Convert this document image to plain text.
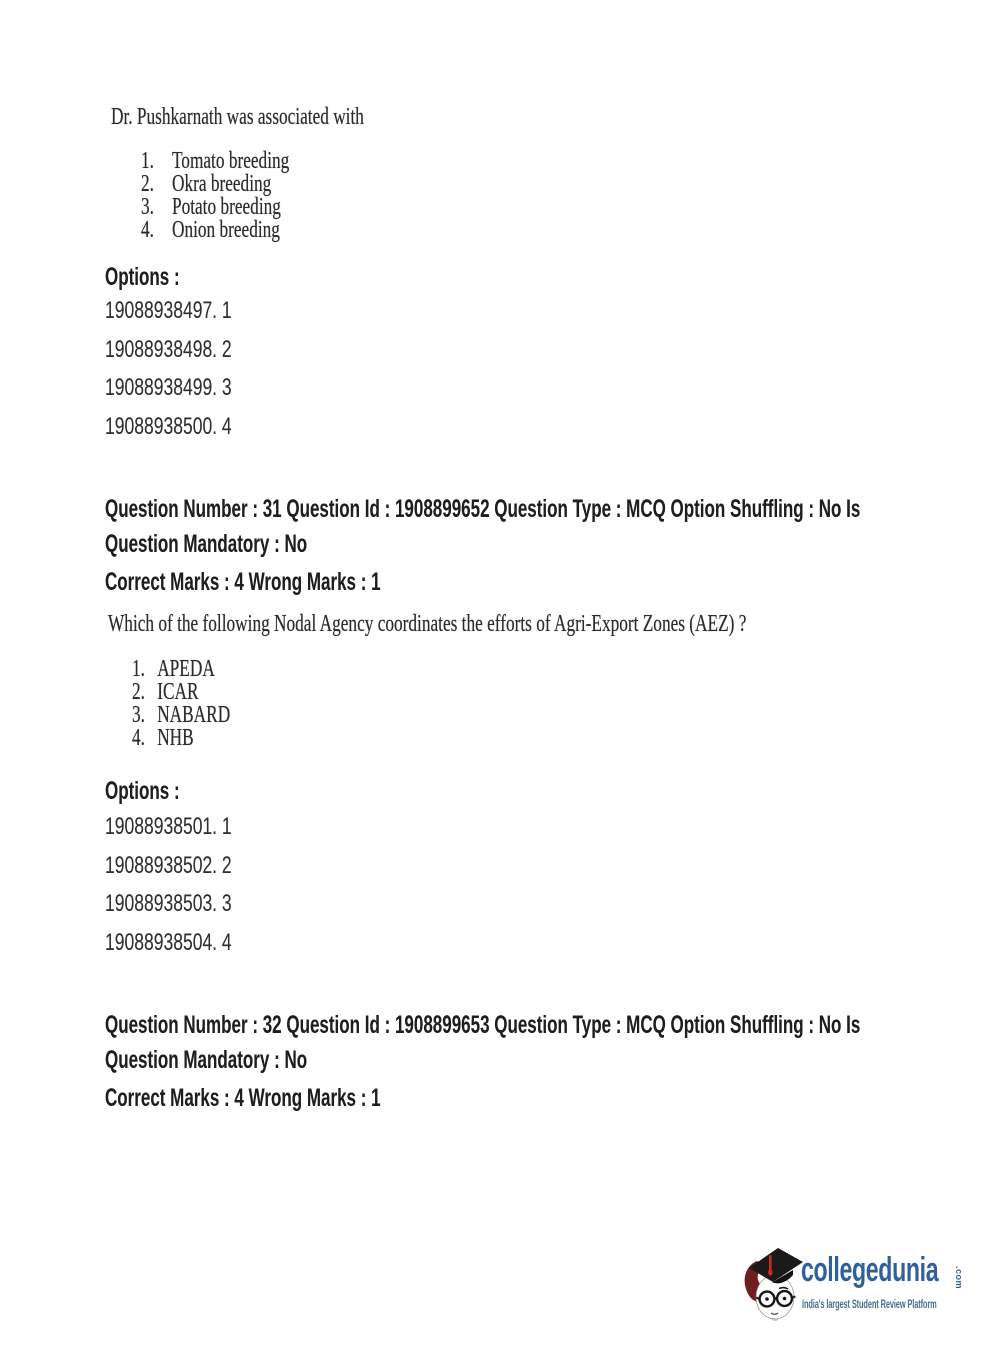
Dr. Pushkarnath was associated with
1. Tomato breeding
2. Okra breeding
3. Potato breeding
4. Onion breeding
Options :
19088938497. 1
19088938498. 2
19088938499. 3
19088938500. 4
Question Number : 31 Question Id : 1908899652 Question Type : MCQ Option Shuffling : No Is
Question Mandatory : No
Correct Marks : 4 Wrong Marks : 1
Which of the following Nodal Agency coordinates the efforts of Agri-Export Zones (AEZ) ?
1. APEDA
2. ICAR
3. NABARD
4. NHB
Options :
19088938501. 1
19088938502. 2
19088938503. 3
19088938504. 4
Question Number : 32 Question Id : 1908899653 Question Type : MCQ Option Shuffling : No Is
Question Mandatory : No
Correct Marks : 4 Wrong Marks : 1
collegedunia .com
India's largest Student Review Platform
